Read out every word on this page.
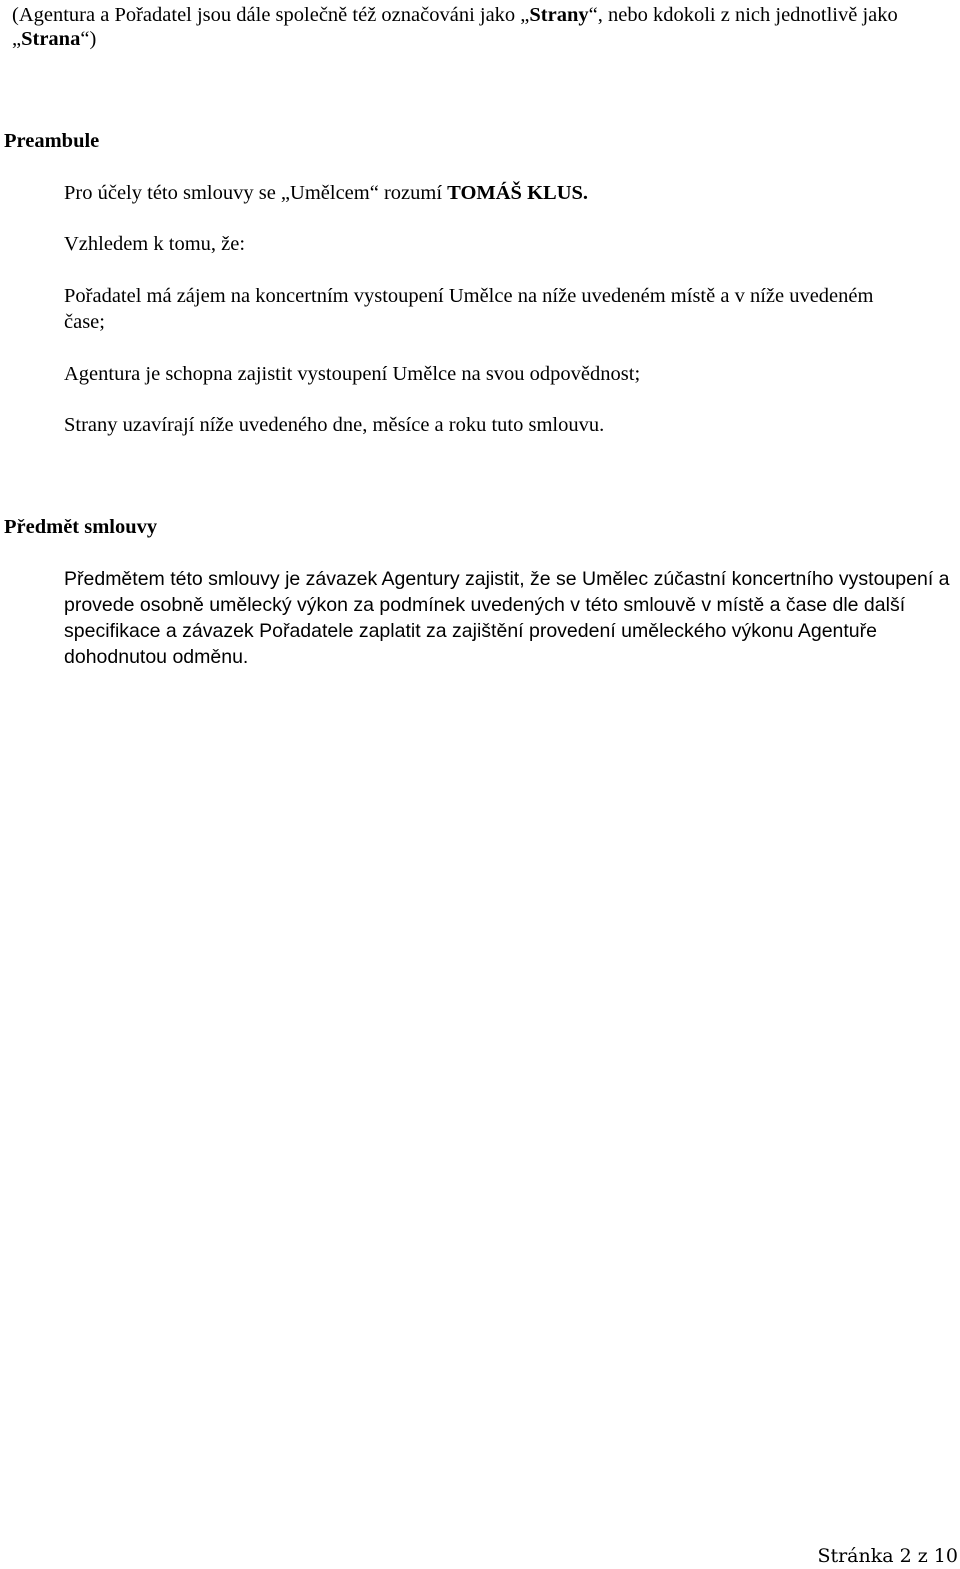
(Agentura a Pořadatel jsou dále společně též označováni jako „Strany“, nebo kdokoli z nich jednotlivě jako
„Strana“)
Preambule
Pro účely této smlouvy se „Umělcem“ rozumí TOMÁŠ KLUS.
Vzhledem k tomu, že:
Pořadatel má zájem na koncertním vystoupení Umělce na níže uvedeném místě a v níže uvedeném
čase;
Agentura je schopna zajistit vystoupení Umělce na svou odpovědnost;
Strany uzavírají níže uvedeného dne, měsíce a roku tuto smlouvu.
Předmět smlouvy
Předmětem této smlouvy je závazek Agentury zajistit, že se Umělec zúčastní koncertního vystoupení a
provede osobně umělecký výkon za podmínek uvedených v této smlouvě v místě a čase dle další
specifikace a závazek Pořadatele zaplatit za zajištění provedení uměleckého výkonu Agentuře
dohodnutou odměnu.
Stránka 2 z 10
